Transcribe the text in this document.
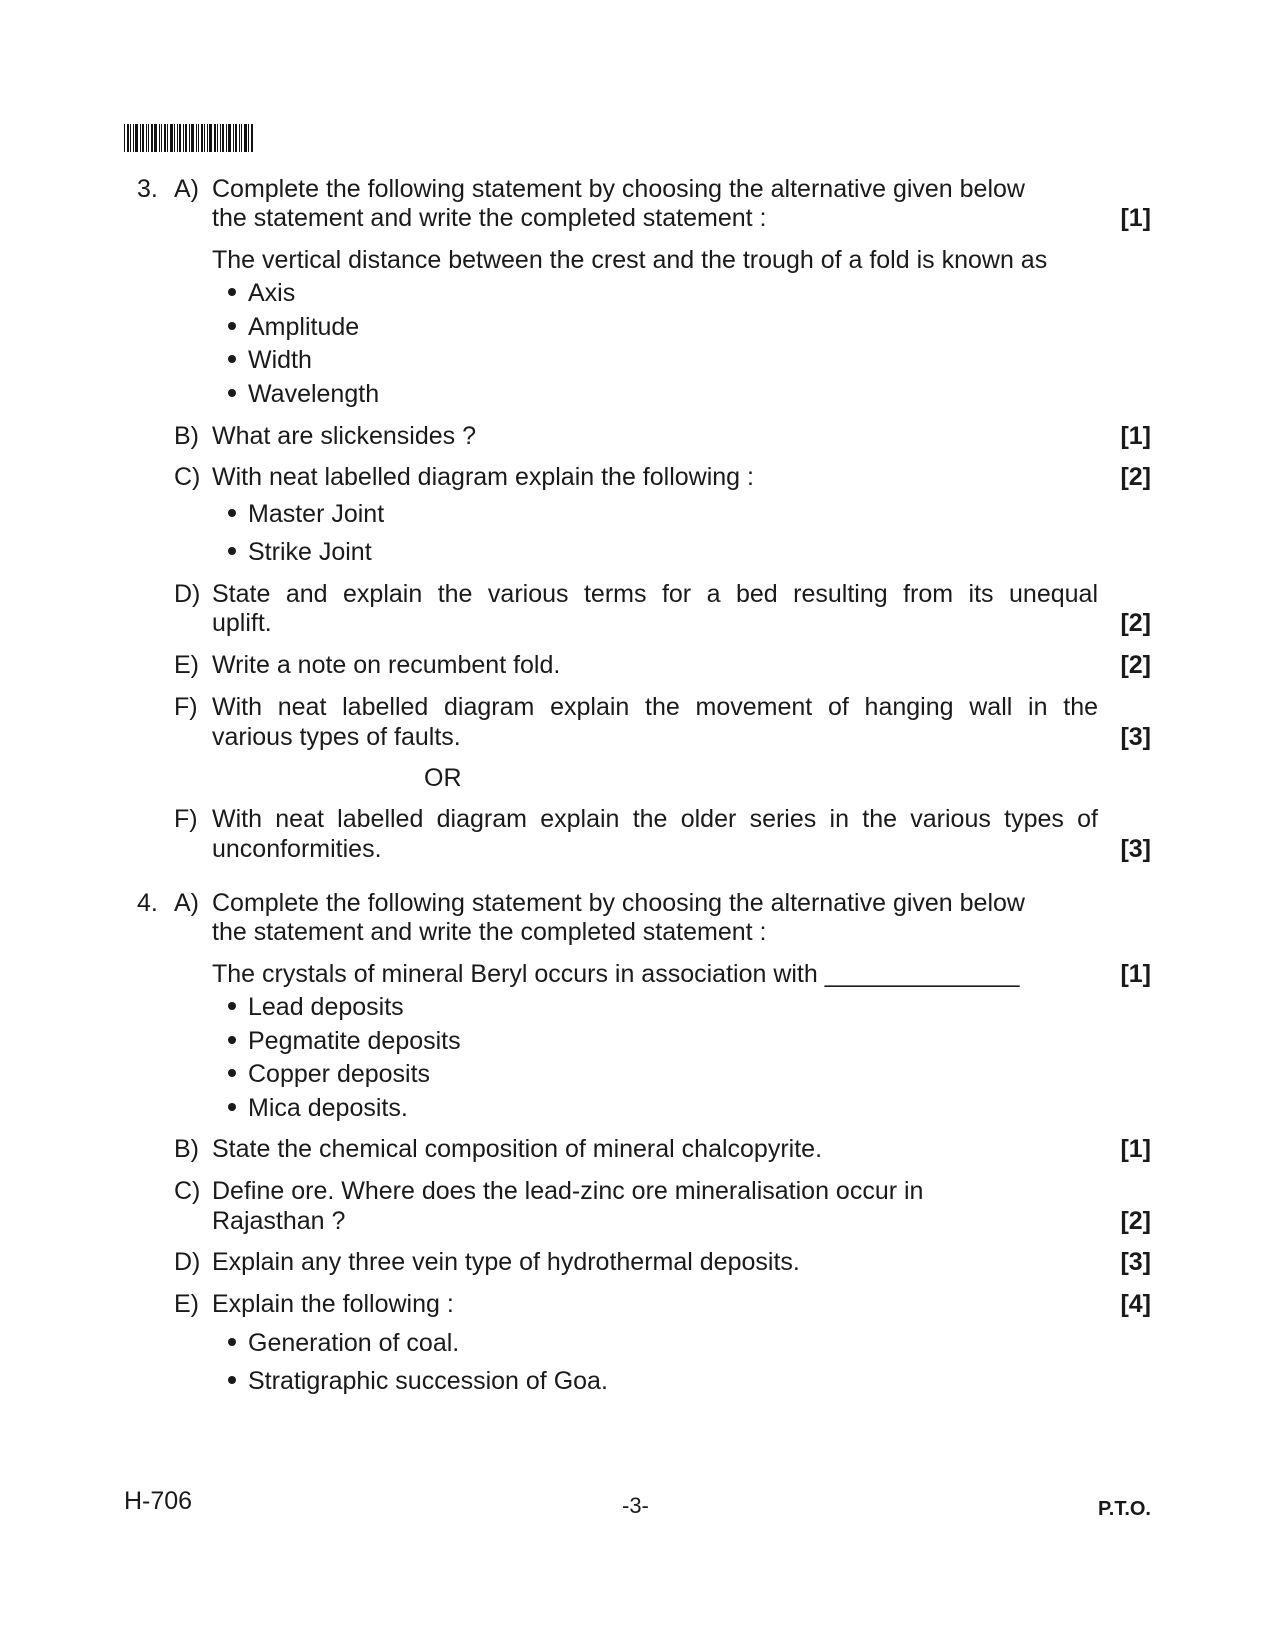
3. A) Complete the following statement by choosing the alternative given below
the statement and write the completed statement :	[1]
The vertical distance between the crest and the trough of a fold is known as
Axis
Amplitude
Width
Wavelength
B) What are slickensides ?	[1]
C) With neat labelled diagram explain the following :	[2]
Master Joint
Strike Joint
D) State and explain the various terms for a bed resulting from its unequal
uplift.	[2]
E) Write a note on recumbent fold.	[2]
F) With neat labelled diagram explain the movement of hanging wall in the
various types of faults.	[3]
OR
F) With neat labelled diagram explain the older series in the various types of
unconformities.	[3]
4. A) Complete the following statement by choosing the alternative given below
the statement and write the completed statement :
The crystals of mineral Beryl occurs in association with ______________	[1]
Lead deposits
Pegmatite deposits
Copper deposits
Mica deposits.
B) State the chemical composition of mineral chalcopyrite.	[1]
C) Define ore. Where does the lead-zinc ore mineralisation occur in
Rajasthan ?	[2]
D) Explain any three vein type of hydrothermal deposits.	[3]
E) Explain the following :	[4]
Generation of coal.
Stratigraphic succession of Goa.
H-706	-3-	P.T.O.
